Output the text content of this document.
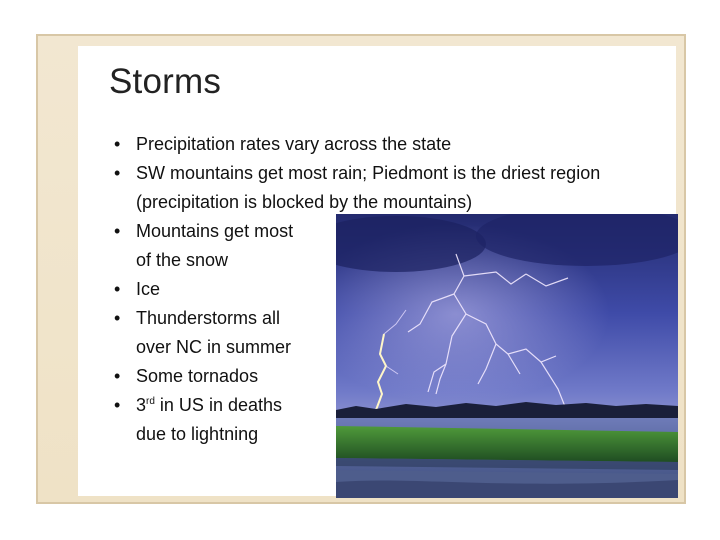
Storms
• Precipitation rates vary across the state
• SW mountains get most rain; Piedmont is the driest region
(precipitation is blocked by the mountains)
• Mountains get most
of the snow
• Ice
• Thunderstorms all
over NC in summer
• Some tornados
• 3rd in US in deaths
due to lightning
